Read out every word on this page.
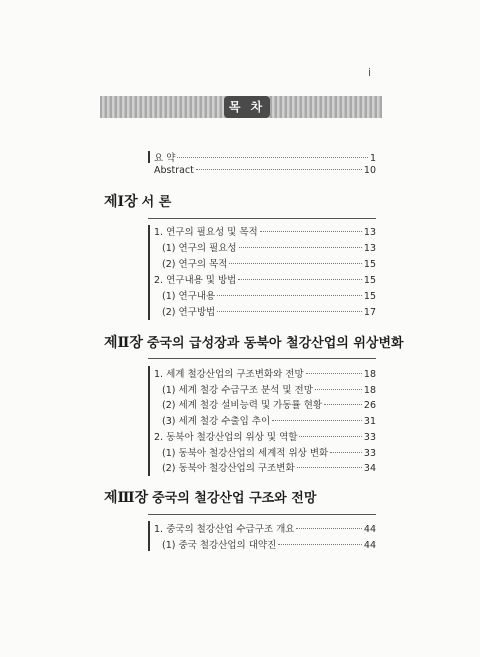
i
목 차
요 약	1
Abstract	10
제Ⅰ장 서 론
1. 연구의 필요성 및 목적	13
(1) 연구의 필요성	13
(2) 연구의 목적	15
2. 연구내용 및 방법	15
(1) 연구내용	15
(2) 연구방법	17
제Ⅱ장 중국의 급성장과 동북아 철강산업의 위상변화
1. 세계 철강산업의 구조변화와 전망	18
(1) 세계 철강 수급구조 분석 및 전망	18
(2) 세계 철강 설비능력 및 가동률 현황	26
(3) 세계 철강 수출입 추이	31
2. 동북아 철강산업의 위상 및 역할	33
(1) 동북아 철강산업의 세계적 위상 변화	33
(2) 동북아 철강산업의 구조변화	34
제Ⅲ장 중국의 철강산업 구조와 전망
1. 중국의 철강산업 수급구조 개요	44
(1) 중국 철강산업의 대약진	44
